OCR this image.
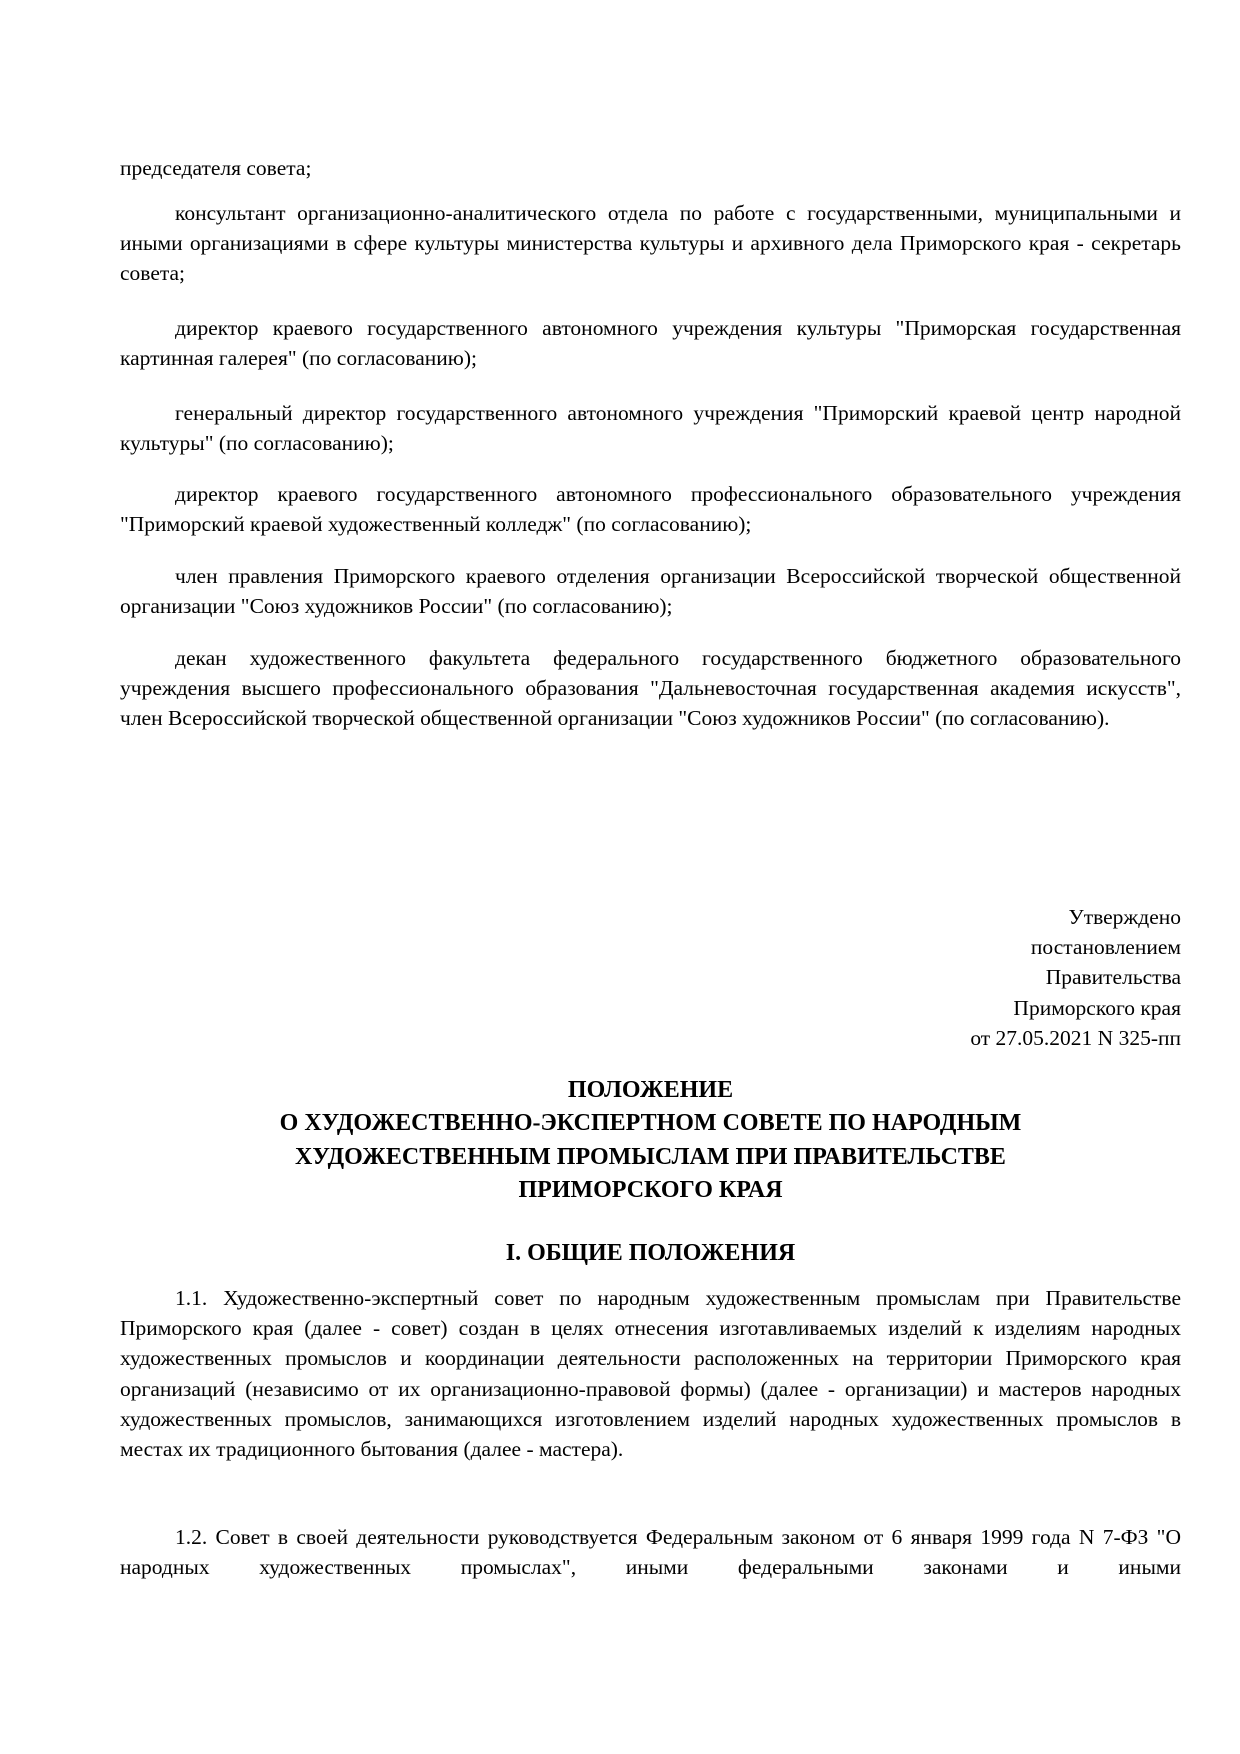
председателя совета;

консультант организационно-аналитического отдела по работе с государственными, муниципальными и иными организациями в сфере культуры министерства культуры и архивного дела Приморского края - секретарь совета;

директор краевого государственного автономного учреждения культуры "Приморская государственная картинная галерея" (по согласованию);

генеральный директор государственного автономного учреждения "Приморский краевой центр народной культуры" (по согласованию);

директор краевого государственного автономного профессионального образовательного учреждения "Приморский краевой художественный колледж" (по согласованию);

член правления Приморского краевого отделения организации Всероссийской творческой общественной организации "Союз художников России" (по согласованию);

декан художественного факультета федерального государственного бюджетного образовательного учреждения высшего профессионального образования "Дальневосточная государственная академия искусств", член Всероссийской творческой общественной организации "Союз художников России" (по согласованию).

Утверждено
постановлением
Правительства
Приморского края
от 27.05.2021 N 325-пп
ПОЛОЖЕНИЕ
О ХУДОЖЕСТВЕННО-ЭКСПЕРТНОМ СОВЕТЕ ПО НАРОДНЫМ
ХУДОЖЕСТВЕННЫМ ПРОМЫСЛАМ ПРИ ПРАВИТЕЛЬСТВЕ
ПРИМОРСКОГО КРАЯ
I. ОБЩИЕ ПОЛОЖЕНИЯ

1.1. Художественно-экспертный совет по народным художественным промыслам при Правительстве Приморского края (далее - совет) создан в целях отнесения изготавливаемых изделий к изделиям народных художественных промыслов и координации деятельности расположенных на территории Приморского края организаций (независимо от их организационно-правовой формы) (далее - организации) и мастеров народных художественных промыслов, занимающихся изготовлением изделий народных художественных промыслов в местах их традиционного бытования (далее - мастера).

1.2. Совет в своей деятельности руководствуется Федеральным законом от 6 января 1999 года N 7-ФЗ "О народных художественных промыслах", иными федеральными законами и иными
